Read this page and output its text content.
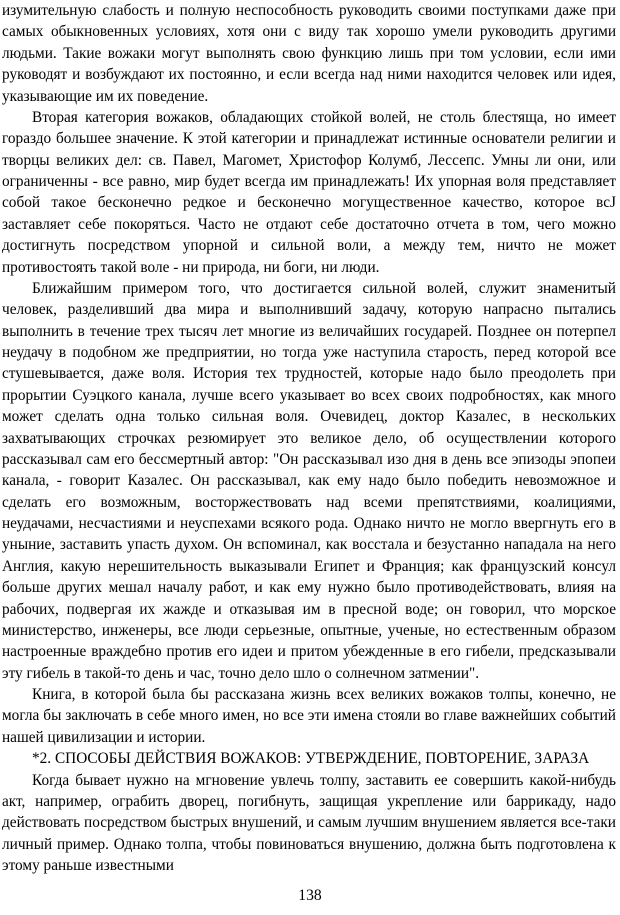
изумительную слабость и полную неспособность руководить своими поступками даже при самых обыкновенных условиях, хотя они с виду так хорошо умели руководить другими людьми. Такие вожаки могут выполнять свою функцию лишь при том условии, если ими руководят и возбуждают их постоянно, и если всегда над ними находится человек или идея, указывающие им их поведение.

Вторая категория вожаков, обладающих стойкой волей, не столь блестяща, но имеет гораздо большее значение. К этой категории и принадлежат истинные основатели религии и творцы великих дел: св. Павел, Магомет, Христофор Колумб, Лессепс. Умны ли они, или ограниченны - все равно, мир будет всегда им принадлежать! Их упорная воля представляет собой такое бесконечно редкое и бесконечно могущественное качество, которое вcJ заставляет себе покоряться. Часто не отдают себе достаточно отчета в том, чего можно достигнуть посредством упорной и сильной воли, а между тем, ничто не может противостоять такой воле - ни природа, ни боги, ни люди.

Ближайшим примером того, что достигается сильной волей, служит знаменитый человек, разделивший два мира и выполнивший задачу, которую напрасно пытались выполнить в течение трех тысяч лет многие из величайших государей. Позднее он потерпел неудачу в подобном же предприятии, но тогда уже наступила старость, перед которой все стушевывается, даже воля. История тех трудностей, которые надо было преодолеть при прорытии Суэцкого канала, лучше всего указывает во всех своих подробностях, как много может сделать одна только сильная воля. Очевидец, доктор Казалес, в нескольких захватывающих строчках резюмирует это великое дело, об осуществлении которого рассказывал сам его бессмертный автор: "Он рассказывал изо дня в день все эпизоды эпопеи канала, - говорит Казалес. Он рассказывал, как ему надо было победить невозможное и сделать его возможным, восторжествовать над всеми препятствиями, коалициями, неудачами, несчастиями и неуспехами всякого рода. Однако ничто не могло ввергнуть его в уныние, заставить упасть духом. Он вспоминал, как восстала и безустанно нападала на него Англия, какую нерешительность выказывали Египет и Франция; как французский консул больше других мешал началу работ, и как ему нужно было противодействовать, влияя на рабочих, подвергая их жажде и отказывая им в пресной воде; он говорил, что морское министерство, инженеры, все люди серьезные, опытные, ученые, но естественным образом настроенные враждебно против его идеи и притом убежденные в его гибели, предсказывали эту гибель в такой-то день и час, точно дело шло о солнечном затмении".

Книга, в которой была бы рассказана жизнь всех великих вожаков толпы, конечно, не могла бы заключать в себе много имен, но все эти имена стояли во главе важнейших событий нашей цивилизации и истории.

*2. СПОСОБЫ ДЕЙСТВИЯ ВОЖАКОВ: УТВЕРЖДЕНИЕ, ПОВТОРЕНИЕ, ЗАРАЗА

Когда бывает нужно на мгновение увлечь толпу, заставить ее совершить какой-нибудь акт, например, ограбить дворец, погибнуть, защищая укрепление или баррикаду, надо действовать посредством быстрых внушений, и самым лучшим внушением является все-таки личный пример. Однако толпа, чтобы повиноваться внушению, должна быть подготовлена к этому раньше известными

138
